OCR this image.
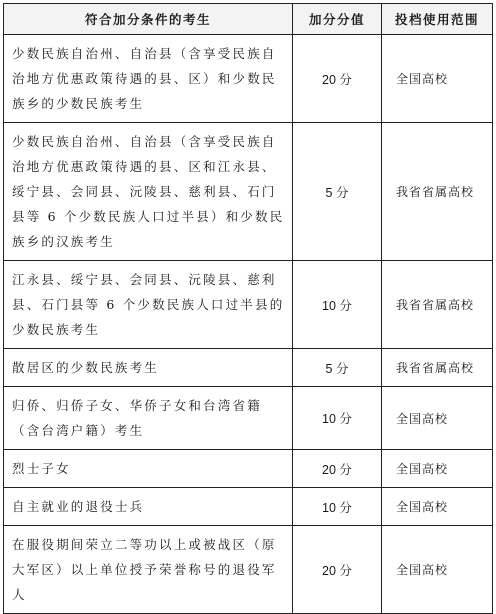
符合加分条件的考生	加分分值	投档使用范围
少数民族自治州、自治县（含享受民族自治地方优惠政策待遇的县、区）和少数民族乡的少数民族考生	20 分	全国高校
少数民族自治州、自治县（含享受民族自治地方优惠政策待遇的县、区和江永县、绥宁县、会同县、沅陵县、慈利县、石门县等 6 个少数民族人口过半县）和少数民族乡的汉族考生	5 分	我省省属高校
江永县、绥宁县、会同县、沅陵县、慈利县、石门县等 6 个少数民族人口过半县的少数民族考生	10 分	我省省属高校
散居区的少数民族考生	5 分	我省省属高校
归侨、归侨子女、华侨子女和台湾省籍（含台湾户籍）考生	10 分	全国高校
烈士子女	20 分	全国高校
自主就业的退役士兵	10 分	全国高校
在服役期间荣立二等功以上或被战区（原大军区）以上单位授予荣誉称号的退役军人	20 分	全国高校
